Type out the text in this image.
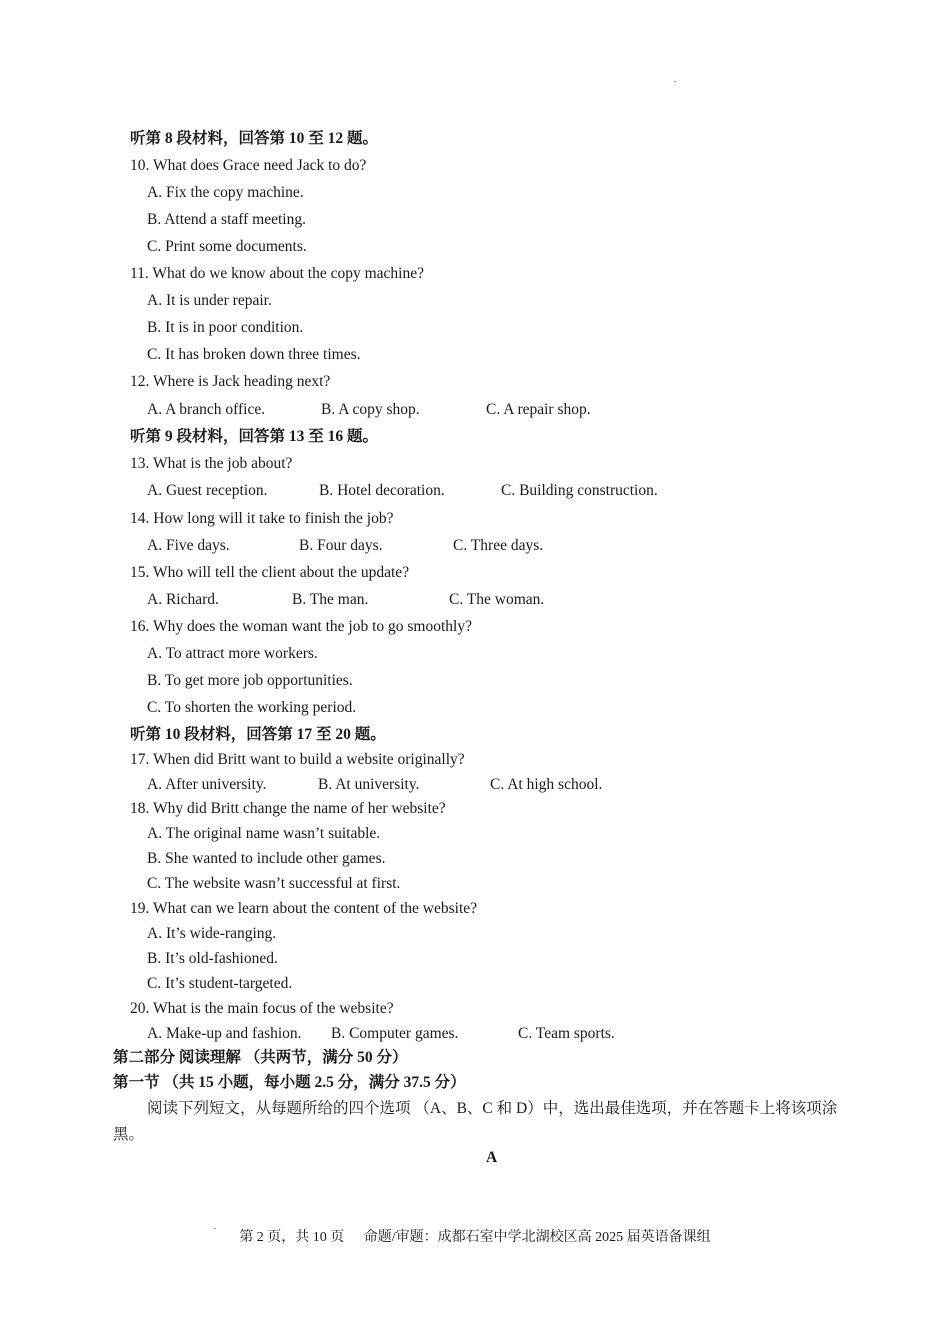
听第 8 段材料，回答第 10 至 12 题。
10. What does Grace need Jack to do?
A. Fix the copy machine.
B. Attend a staff meeting.
C. Print some documents.
11. What do we know about the copy machine?
A. It is under repair.
B. It is in poor condition.
C. It has broken down three times.
12. Where is Jack heading next?
A. A branch office.	B. A copy shop.	C. A repair shop.
听第 9 段材料，回答第 13 至 16 题。
13. What is the job about?
A. Guest reception.	B. Hotel decoration.	C. Building construction.
14. How long will it take to finish the job?
A. Five days.	B. Four days.	C. Three days.
15. Who will tell the client about the update?
A. Richard.	B. The man.	C. The woman.
16. Why does the woman want the job to go smoothly?
A. To attract more workers.
B. To get more job opportunities.
C. To shorten the working period.
听第 10 段材料，回答第 17 至 20 题。
17. When did Britt want to build a website originally?
A. After university.	B. At university.	C. At high school.
18. Why did Britt change the name of her website?
A. The original name wasn’t suitable.
B. She wanted to include other games.
C. The website wasn’t successful at first.
19. What can we learn about the content of the website?
A. It’s wide-ranging.
B. It’s old-fashioned.
C. It’s student-targeted.
20. What is the main focus of the website?
A. Make-up and fashion. B. Computer games.	C. Team sports.
第二部分 阅读理解 （共两节，满分 50 分）
第一节 （共 15 小题，每小题 2.5 分，满分 37.5 分）
阅读下列短文，从每题所给的四个选项 （A、B、C 和 D）中，选出最佳选项，并在答题卡上将该项涂黑。
A
第 2 页，共 10 页 命题/审题：成都石室中学北湖校区高 2025 届英语备课组
